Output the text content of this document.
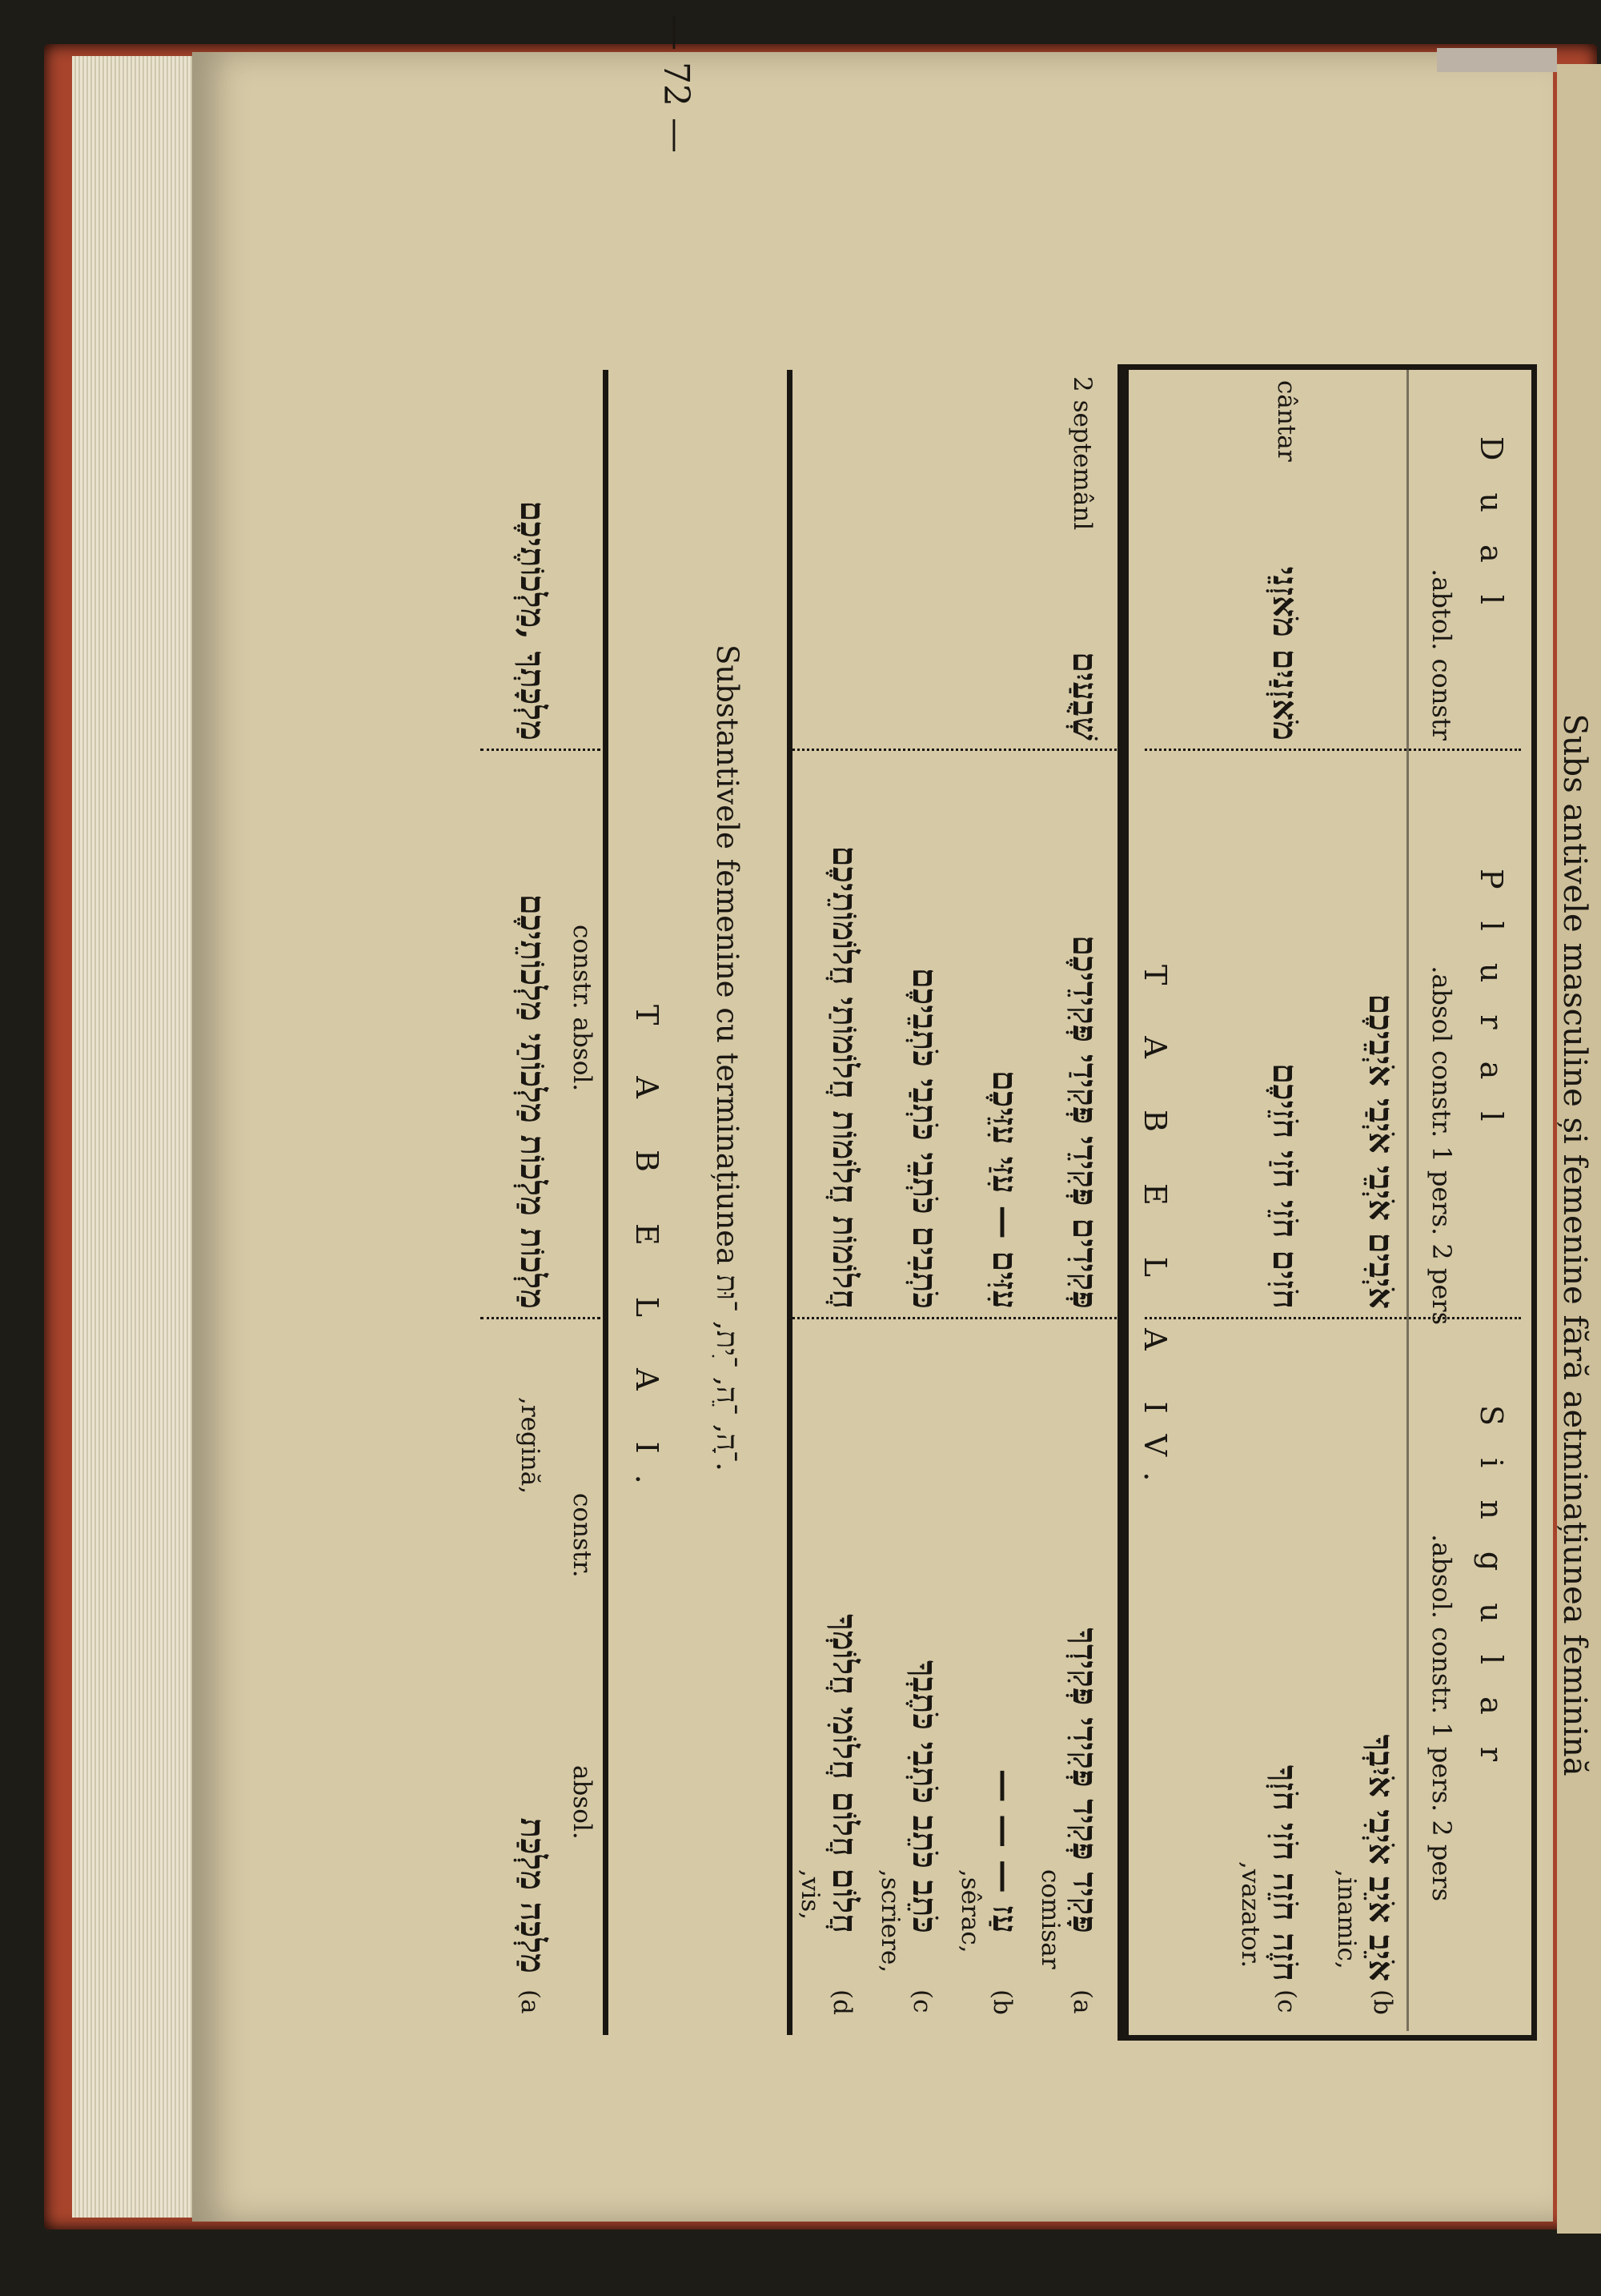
Subs antivele masculine și femenine fără aetminațiunea feminină
— 72 —
S i n g u l a r
P l u r a l
D u a l
absol. constr. 1 pers. 2 pers.
absol constr. 1 pers. 2 pers.
abtol. constr.
(b
אֹיֵב אֹיֵב אֹיְבִי אֹיִבְךָ
,inamic,
אֹיְבִים אֹיְבֵי אֹיְבַי אֹיְבֵיכֶם
(c
חֹזֶה חֹזֵה חֹזִי חֹזְךָ
,vazator.
חֹזִים חֹזֵי חֹזַי חֹזֵיכֶם
מֹאזְנַיִם מֹאזְנֵי
cântar
T A B E L A IV.
(a
פָּקִיד פְּקִיד פְּקִידִי פְּקִידְךָ
comisar
פְּקִידִים פְּקִידֵי פְּקִידַי פְּקִידֵיכֶם
שְׁבֻעַיִם
2 septemânl
(b
עַז — — —
,sêrac,
עִזִּים — עִזַּי עִזֵּיכֶם
(c
כֹּתֵב כֹּתֵב כֹּתְבִי כֹּתֶבְךָ
,scriere,
כֹּתְבִים כֹּתְבֵי כֹּתְבַי כֹּתְבֵיכֶם
(d
חֲלוֹם חֲלוֹם חֲלוֹמִי חֲלוֹמְךָ
,vis,
חֲלוֹמוֹת חֲלוֹמוֹת חֲלוֹמוֹתַי חֲלוֹמוֹתֵיכֶם
Substantivele femenine cu terminațiunea ־ָה, ־ֵה, ־ִית, ־וּת.
T A B E L A I.
absol.
constr.
constr. absol.
(a
מַלְכָּה מַלְכַּת
,regină,
מַלְכוֹת מַלְכוֹת מַלְכוֹתַי מַלְכוֹתֵיכֶם
מַלְכָּתְךָ ,מַלְכוֹתֶיכֶם
